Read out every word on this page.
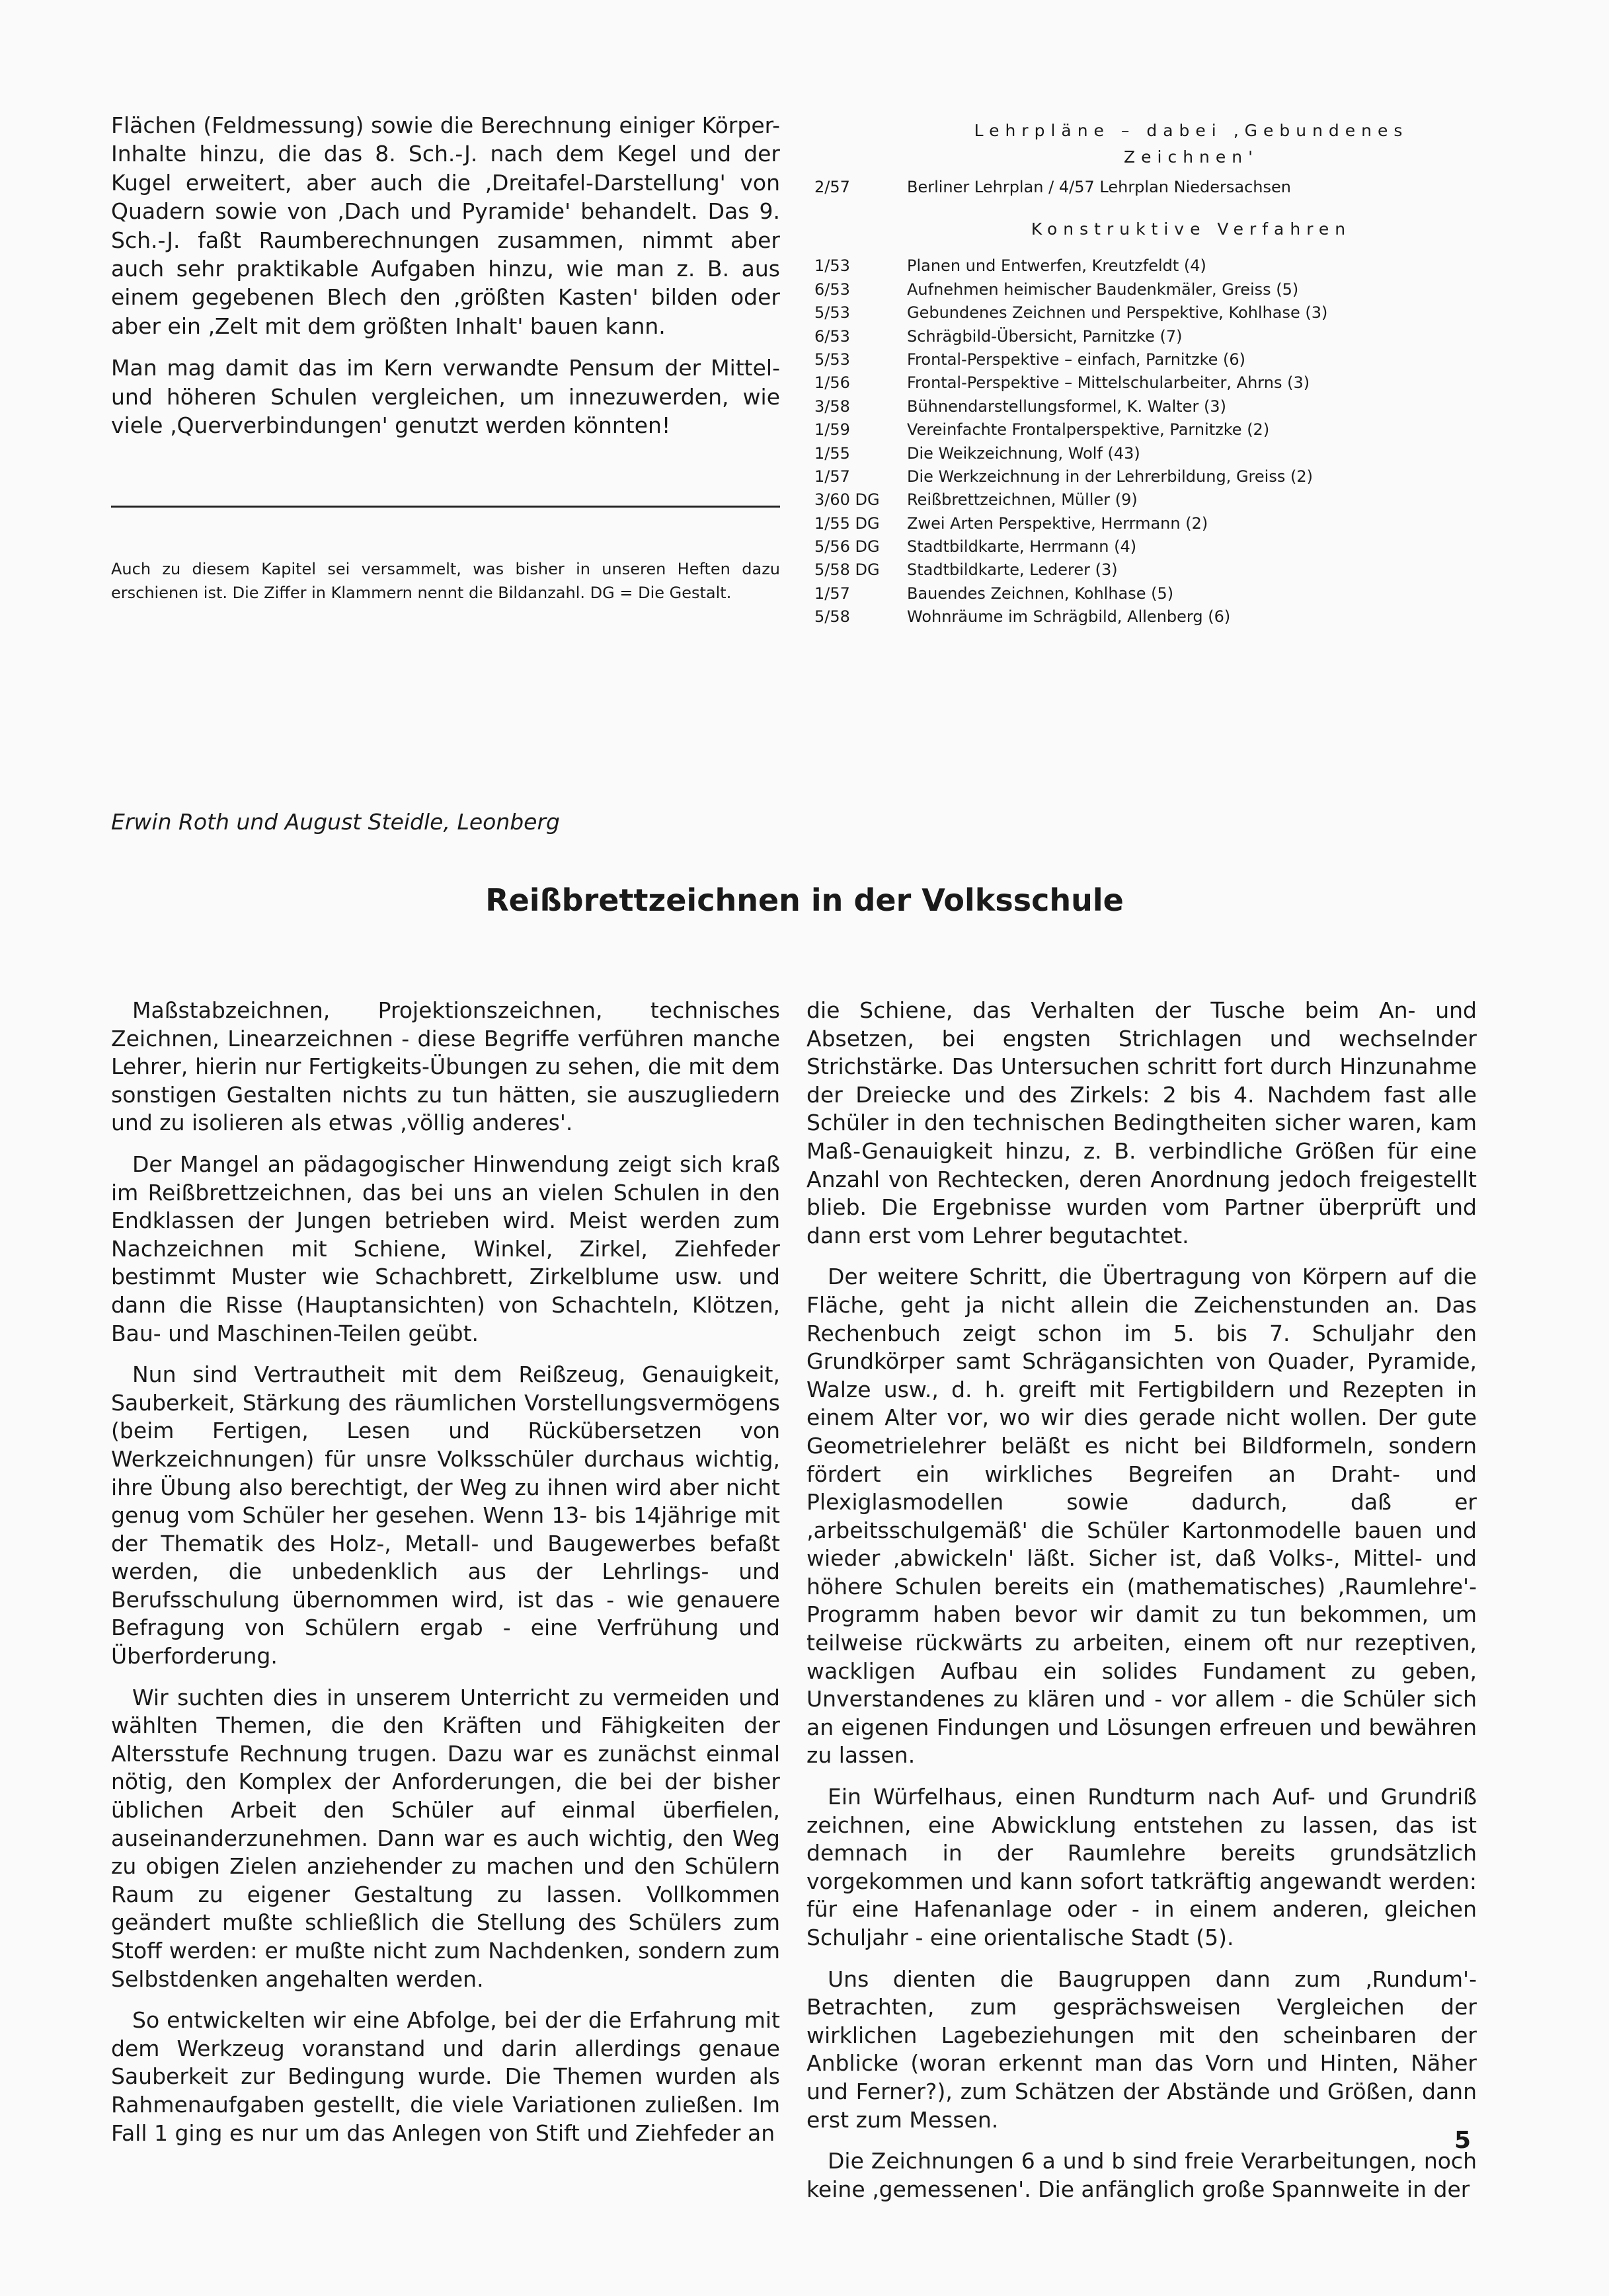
Flächen (Feldmessung) sowie die Berechnung einiger Körper-Inhalte hinzu, die das 8. Sch.-J. nach dem Kegel und der Kugel erweitert, aber auch die ‚Dreitafel-Darstellung' von Quadern sowie von ‚Dach und Pyramide' behandelt. Das 9. Sch.-J. faßt Raumberechnungen zusammen, nimmt aber auch sehr praktikable Aufgaben hinzu, wie man z. B. aus einem gegebenen Blech den ‚größten Kasten' bilden oder aber ein ‚Zelt mit dem größten Inhalt' bauen kann.

Man mag damit das im Kern verwandte Pensum der Mittel- und höheren Schulen vergleichen, um innezuwerden, wie viele ‚Querverbindungen' genutzt werden könnten!

Auch zu diesem Kapitel sei versammelt, was bisher in unseren Heften dazu erschienen ist. Die Ziffer in Klammern nennt die Bildanzahl. DG = Die Gestalt.

Lehrpläne – dabei ‚Gebundenes Zeichnen'
2/57	Berliner Lehrplan / 4/57 Lehrplan Niedersachsen
Konstruktive Verfahren
1/53	Planen und Entwerfen, Kreutzfeldt (4)
6/53	Aufnehmen heimischer Baudenkmäler, Greiss (5)
5/53	Gebundenes Zeichnen und Perspektive, Kohlhase (3)
6/53	Schrägbild-Übersicht, Parnitzke (7)
5/53	Frontal-Perspektive – einfach, Parnitzke (6)
1/56	Frontal-Perspektive – Mittelschularbeiter, Ahrns (3)
3/58	Bühnendarstellungsformel, K. Walter (3)
1/59	Vereinfachte Frontalperspektive, Parnitzke (2)
1/55	Die Weikzeichnung, Wolf (43)
1/57	Die Werkzeichnung in der Lehrerbildung, Greiss (2)
3/60 DG	Reißbrettzeichnen, Müller (9)
1/55 DG	Zwei Arten Perspektive, Herrmann (2)
5/56 DG	Stadtbildkarte, Herrmann (4)
5/58 DG	Stadtbildkarte, Lederer (3)
1/57	Bauendes Zeichnen, Kohlhase (5)
5/58	Wohnräume im Schrägbild, Allenberg (6)

Erwin Roth und August Steidle, Leonberg

Reißbrettzeichnen in der Volksschule

Maßstabzeichnen, Projektionszeichnen, technisches Zeichnen, Linearzeichnen - diese Begriffe verführen manche Lehrer, hierin nur Fertigkeits-Übungen zu sehen, die mit dem sonstigen Gestalten nichts zu tun hätten, sie auszugliedern und zu isolieren als etwas ‚völlig anderes'.

Der Mangel an pädagogischer Hinwendung zeigt sich kraß im Reißbrettzeichnen, das bei uns an vielen Schulen in den Endklassen der Jungen betrieben wird. Meist werden zum Nachzeichnen mit Schiene, Winkel, Zirkel, Ziehfeder bestimmt Muster wie Schachbrett, Zirkelblume usw. und dann die Risse (Hauptansichten) von Schachteln, Klötzen, Bau- und Maschinen-Teilen geübt.

Nun sind Vertrautheit mit dem Reißzeug, Genauigkeit, Sauberkeit, Stärkung des räumlichen Vorstellungsvermögens (beim Fertigen, Lesen und Rückübersetzen von Werkzeichnungen) für unsre Volksschüler durchaus wichtig, ihre Übung also berechtigt, der Weg zu ihnen wird aber nicht genug vom Schüler her gesehen. Wenn 13- bis 14jährige mit der Thematik des Holz-, Metall- und Baugewerbes befaßt werden, die unbedenklich aus der Lehrlings- und Berufsschulung übernommen wird, ist das - wie genauere Befragung von Schülern ergab - eine Verfrühung und Überforderung.

Wir suchten dies in unserem Unterricht zu vermeiden und wählten Themen, die den Kräften und Fähigkeiten der Altersstufe Rechnung trugen. Dazu war es zunächst einmal nötig, den Komplex der Anforderungen, die bei der bisher üblichen Arbeit den Schüler auf einmal überfielen, auseinanderzunehmen. Dann war es auch wichtig, den Weg zu obigen Zielen anziehender zu machen und den Schülern Raum zu eigener Gestaltung zu lassen. Vollkommen geändert mußte schließlich die Stellung des Schülers zum Stoff werden: er mußte nicht zum Nachdenken, sondern zum Selbstdenken angehalten werden.

So entwickelten wir eine Abfolge, bei der die Erfahrung mit dem Werkzeug voranstand und darin allerdings genaue Sauberkeit zur Bedingung wurde. Die Themen wurden als Rahmenaufgaben gestellt, die viele Variationen zuließen. Im Fall 1 ging es nur um das Anlegen von Stift und Ziehfeder an

die Schiene, das Verhalten der Tusche beim An- und Absetzen, bei engsten Strichlagen und wechselnder Strichstärke. Das Untersuchen schritt fort durch Hinzunahme der Dreiecke und des Zirkels: 2 bis 4. Nachdem fast alle Schüler in den technischen Bedingtheiten sicher waren, kam Maß-Genauigkeit hinzu, z. B. verbindliche Größen für eine Anzahl von Rechtecken, deren Anordnung jedoch freigestellt blieb. Die Ergebnisse wurden vom Partner überprüft und dann erst vom Lehrer begutachtet.

Der weitere Schritt, die Übertragung von Körpern auf die Fläche, geht ja nicht allein die Zeichenstunden an. Das Rechenbuch zeigt schon im 5. bis 7. Schuljahr den Grundkörper samt Schrägansichten von Quader, Pyramide, Walze usw., d. h. greift mit Fertigbildern und Rezepten in einem Alter vor, wo wir dies gerade nicht wollen. Der gute Geometrielehrer beläßt es nicht bei Bildformeln, sondern fördert ein wirkliches Begreifen an Draht- und Plexiglasmodellen sowie dadurch, daß er ‚arbeitsschulgemäß' die Schüler Kartonmodelle bauen und wieder ‚abwickeln' läßt. Sicher ist, daß Volks-, Mittel- und höhere Schulen bereits ein (mathematisches) ‚Raumlehre'-Programm haben bevor wir damit zu tun bekommen, um teilweise rückwärts zu arbeiten, einem oft nur rezeptiven, wackligen Aufbau ein solides Fundament zu geben, Unverstandenes zu klären und - vor allem - die Schüler sich an eigenen Findungen und Lösungen erfreuen und bewähren zu lassen.

Ein Würfelhaus, einen Rundturm nach Auf- und Grundriß zeichnen, eine Abwicklung entstehen zu lassen, das ist demnach in der Raumlehre bereits grundsätzlich vorgekommen und kann sofort tatkräftig angewandt werden: für eine Hafenanlage oder - in einem anderen, gleichen Schuljahr - eine orientalische Stadt (5).

Uns dienten die Baugruppen dann zum ‚Rundum'-Betrachten, zum gesprächsweisen Vergleichen der wirklichen Lagebeziehungen mit den scheinbaren der Anblicke (woran erkennt man das Vorn und Hinten, Näher und Ferner?), zum Schätzen der Abstände und Größen, dann erst zum Messen.

Die Zeichnungen 6 a und b sind freie Verarbeitungen, noch keine ‚gemessenen'. Die anfänglich große Spannweite in der

5
